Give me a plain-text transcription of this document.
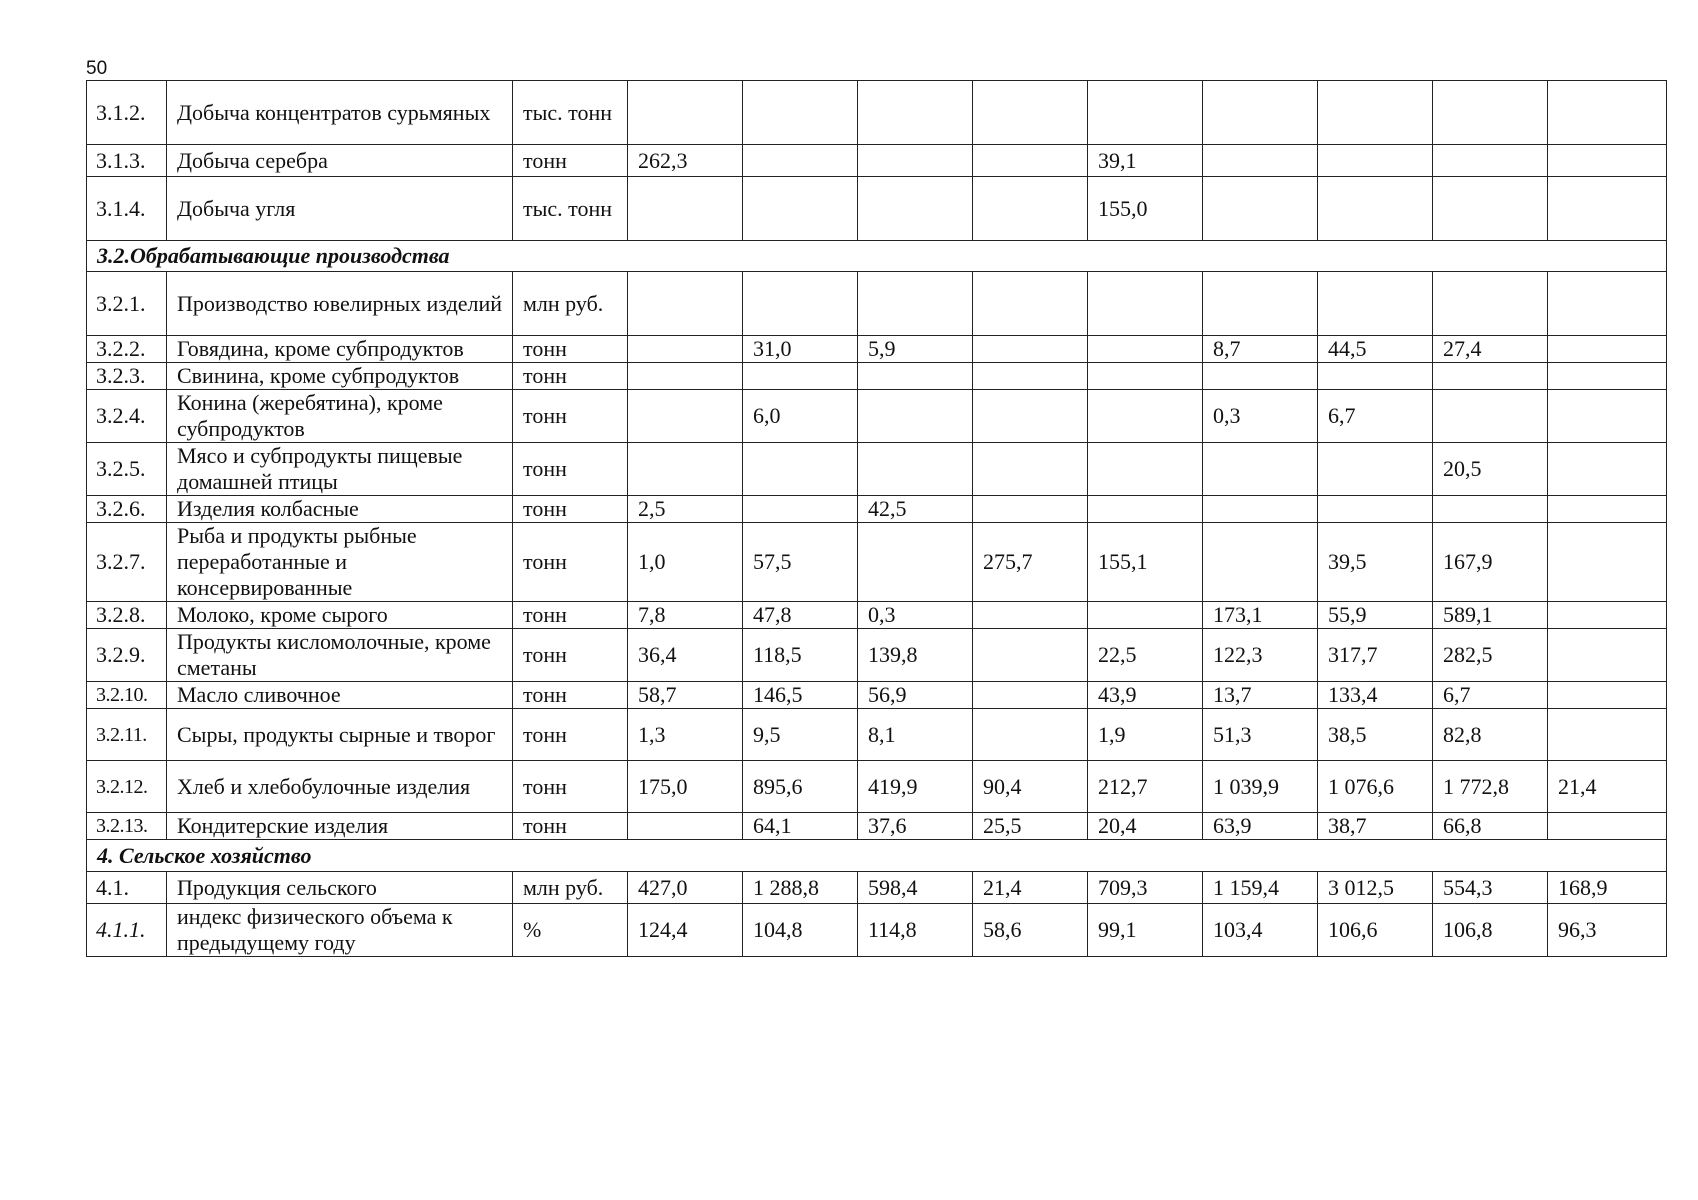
50
3.1.2.	Добыча концентратов сурьмяных	тыс. тонн									
3.1.3.	Добыча серебра	тонн	262,3				39,1				
3.1.4.	Добыча угля	тыс. тонн					155,0				
3.2.Обрабатывающие производства											
3.2.1.	Производство ювелирных изделий	млн руб.									
3.2.2.	Говядина, кроме субпродуктов	тонн		31,0	5,9			8,7	44,5	27,4	
3.2.3.	Свинина, кроме субпродуктов	тонн									
3.2.4.	Конина (жеребятина), кроме субпродуктов	тонн		6,0				0,3	6,7		
3.2.5.	Мясо и субпродукты пищевые домашней птицы	тонн								20,5	
3.2.6.	Изделия колбасные	тонн	2,5		42,5						
3.2.7.	Рыба и продукты рыбные переработанные и консервированные	тонн	1,0	57,5		275,7	155,1		39,5	167,9	
3.2.8.	Молоко, кроме сырого	тонн	7,8	47,8	0,3			173,1	55,9	589,1	
3.2.9.	Продукты кисломолочные, кроме сметаны	тонн	36,4	118,5	139,8		22,5	122,3	317,7	282,5	
3.2.10.	Масло сливочное	тонн	58,7	146,5	56,9		43,9	13,7	133,4	6,7	
3.2.11.	Сыры, продукты сырные и творог	тонн	1,3	9,5	8,1		1,9	51,3	38,5	82,8	
3.2.12.	Хлеб и хлебобулочные изделия	тонн	175,0	895,6	419,9	90,4	212,7	1 039,9	1 076,6	1 772,8	21,4
3.2.13.	Кондитерские изделия	тонн		64,1	37,6	25,5	20,4	63,9	38,7	66,8	
4. Сельское хозяйство											
4.1.	Продукция сельского	млн руб.	427,0	1 288,8	598,4	21,4	709,3	1 159,4	3 012,5	554,3	168,9
4.1.1.	индекс физического объема к предыдущему году	%	124,4	104,8	114,8	58,6	99,1	103,4	106,6	106,8	96,3
